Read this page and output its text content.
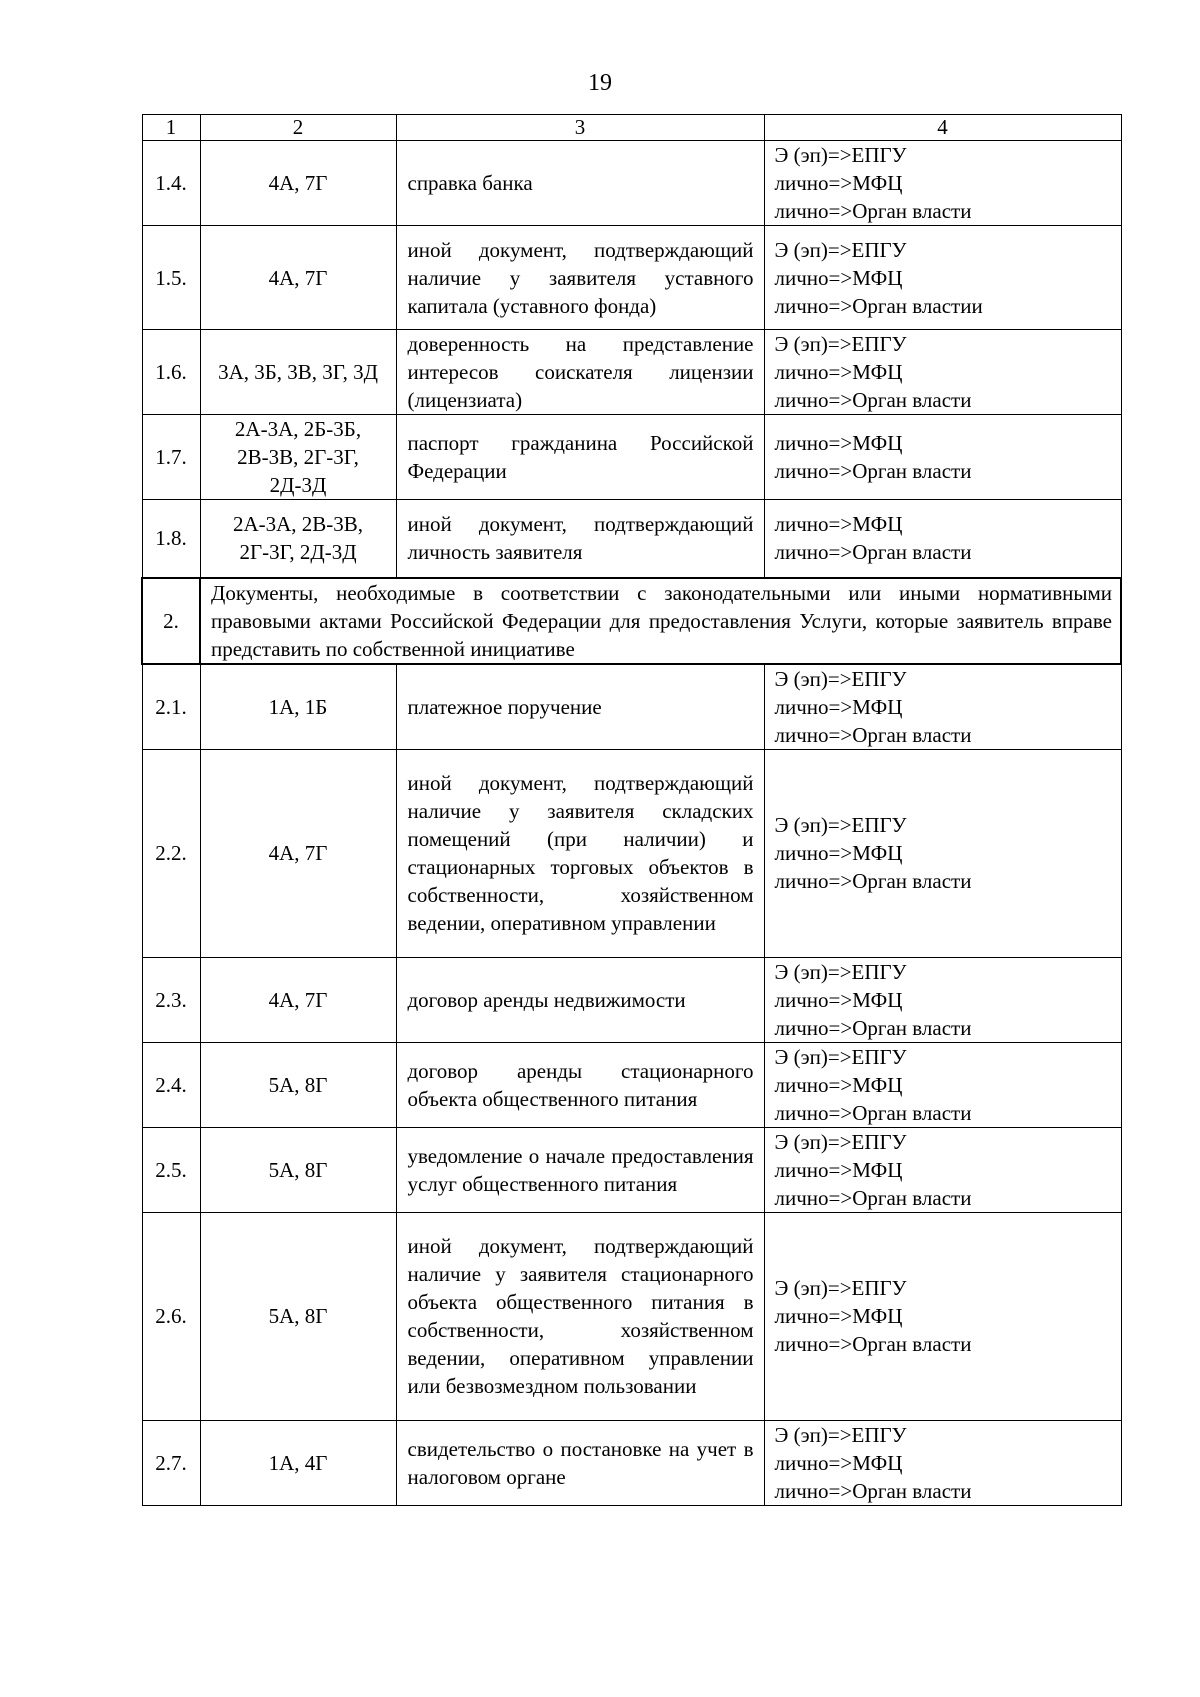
19
1	2	3	4
1.4.	4А, 7Г	справка банка	Э (эп)=>ЕПГУ
лично=>МФЦ
лично=>Орган власти

1.5.	4А, 7Г	иной документ, подтверждающий наличие у заявителя уставного капитала (уставного фонда)	Э (эп)=>ЕПГУ
лично=>МФЦ
лично=>Орган властии

1.6.	3А, 3Б, 3В, 3Г, 3Д	доверенность на представление интересов соискателя лицензии (лицензиата)	Э (эп)=>ЕПГУ
лично=>МФЦ
лично=>Орган власти

1.7.	2А-3А, 2Б-3Б, 2В-3В, 2Г-3Г, 2Д-3Д	паспорт гражданина Российской Федерации	лично=>МФЦ
лично=>Орган власти

1.8.	2А-3А, 2В-3В, 2Г-3Г, 2Д-3Д	иной документ, подтверждающий личность заявителя	лично=>МФЦ
лично=>Орган власти

2.	Документы, необходимые в соответствии с законодательными или иными нормативными правовыми актами Российской Федерации для предоставления Услуги, которые заявитель вправе представить по собственной инициативе		
2.1.	1А, 1Б	платежное поручение	Э (эп)=>ЕПГУ
лично=>МФЦ
лично=>Орган власти

2.2.	4А, 7Г	иной документ, подтверждающий наличие у заявителя складских помещений (при наличии) и стационарных торговых объектов в собственности, хозяйственном ведении, оперативном управлении	Э (эп)=>ЕПГУ
лично=>МФЦ
лично=>Орган власти

2.3.	4А, 7Г	договор аренды недвижимости	Э (эп)=>ЕПГУ
лично=>МФЦ
лично=>Орган власти

2.4.	5А, 8Г	договор аренды стационарного объекта общественного питания	Э (эп)=>ЕПГУ
лично=>МФЦ
лично=>Орган власти

2.5.	5А, 8Г	уведомление о начале предоставления услуг общественного питания	Э (эп)=>ЕПГУ
лично=>МФЦ
лично=>Орган власти

2.6.	5А, 8Г	иной документ, подтверждающий наличие у заявителя стационарного объекта общественного питания в собственности, хозяйственном ведении, оперативном управлении или безвозмездном пользовании	Э (эп)=>ЕПГУ
лично=>МФЦ
лично=>Орган власти

2.7.	1А, 4Г	свидетельство о постановке на учет в налоговом органе	Э (эп)=>ЕПГУ
лично=>МФЦ
лично=>Орган власти
